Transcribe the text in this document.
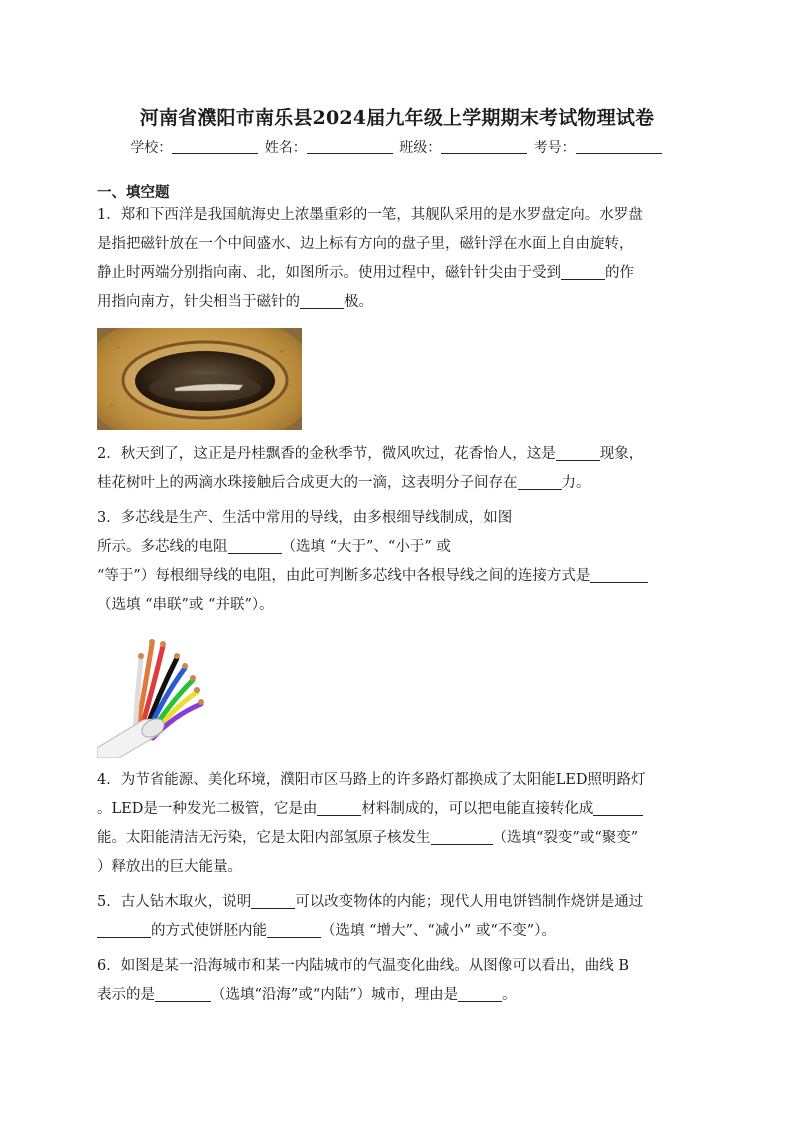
河南省濮阳市南乐县2024届九年级上学期期末考试物理试卷
学校：	姓名：	班级：	考号：
一、填空题
1．郑和下西洋是我国航海史上浓墨重彩的一笔，其舰队采用的是水罗盘定向。水罗盘
是指把磁针放在一个中间盛水、边上标有方向的盘子里，磁针浮在水面上自由旋转，
静止时两端分别指向南、北，如图所示。使用过程中，磁针针尖由于受到	的作
用指向南方，针尖相当于磁针的	极。
⁘	⁘
⁘
⁘
2．秋天到了，这正是丹桂飘香的金秋季节，微风吹过，花香怡人，这是	现象，
桂花树叶上的两滴水珠接触后合成更大的一滴，这表明分子间存在	力。
3．多芯线是生产、生活中常用的导线，由多根细导线制成，如图
所示。多芯线的电阻	（选填 “大于”、“小于” 或
“等于”）每根细导线的电阻，由此可判断多芯线中各根导线之间的连接方式是
（选填 “串联”或 “并联”）。
4．为节省能源、美化环境，濮阳市区马路上的许多路灯都换成了太阳能LED照明路灯
。LED是一种发光二极管，它是由	材料制成的，可以把电能直接转化成
能。太阳能清洁无污染，它是太阳内部氢原子核发生	（选填“裂变”或“聚变”
）释放出的巨大能量。
5．古人钻木取火，说明	可以改变物体的内能；现代人用电饼铛制作烧饼是通过
的方式使饼胚内能	（选填 “增大”、“减小” 或“不变”）。
6．如图是某一沿海城市和某一内陆城市的气温变化曲线。从图像可以看出，曲线 B
表示的是	（选填“沿海”或“内陆”）城市，理由是	。
